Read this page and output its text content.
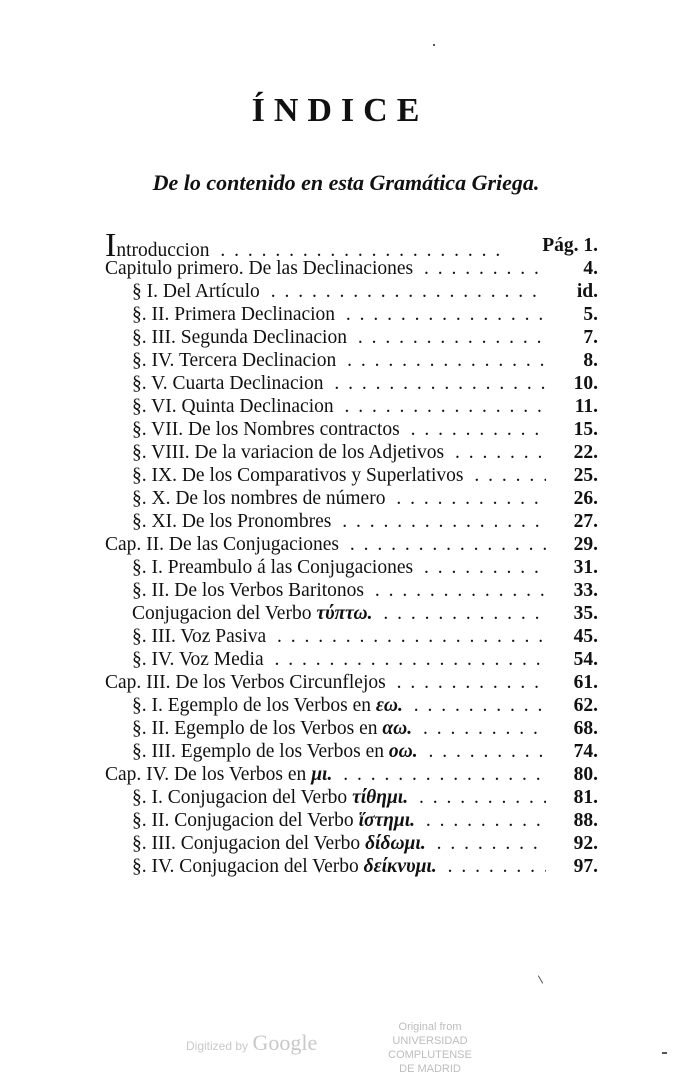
ÍNDICE
De lo contenido en esta Gramática Griega.
Introduccion . . .	Pág. 1.
Capitulo primero. De las Declinaciones . . .	4.
§ I. Del Artículo . . .	id.
§. II. Primera Declinacion . . .	5.
§. III. Segunda Declinacion . . .	7.
§. IV. Tercera Declinacion . . .	8.
§. V. Cuarta Declinacion . . .	10.
§. VI. Quinta Declinacion . . .	11.
§. VII. De los Nombres contractos . . .	15.
§. VIII. De la variacion de los Adjetivos . . .	22.
§. IX. De los Comparativos y Superlativos . . .	25.
§. X. De los nombres de número . . .	26.
§. XI. De los Pronombres . . .	27.
Cap. II. De las Conjugaciones . . .	29.
§. I. Preambulo á las Conjugaciones . . .	31.
§. II. De los Verbos Baritonos . . .	33.
Conjugacion del Verbo τύπτω. . . .	35.
§. III. Voz Pasiva . . .	45.
§. IV. Voz Media . . .	54.
Cap. III. De los Verbos Circunflejos . . .	61.
§. I. Egemplo de los Verbos en εω. . . .	62.
§. II. Egemplo de los Verbos en αω. . . .	68.
§. III. Egemplo de los Verbos en οω. . . .	74.
Cap. IV. De los Verbos en μι. . . .	80.
§. I. Conjugacion del Verbo τίθημι. . . .	81.
§. II. Conjugacion del Verbo ἵστημι. . . .	88.
§. III. Conjugacion del Verbo δίδωμι. . . .	92.
§. IV. Conjugacion del Verbo δείκνυμι. . . .	97.
Digitized by Google
Original from
UNIVERSIDAD COMPLUTENSE
DE MADRID
